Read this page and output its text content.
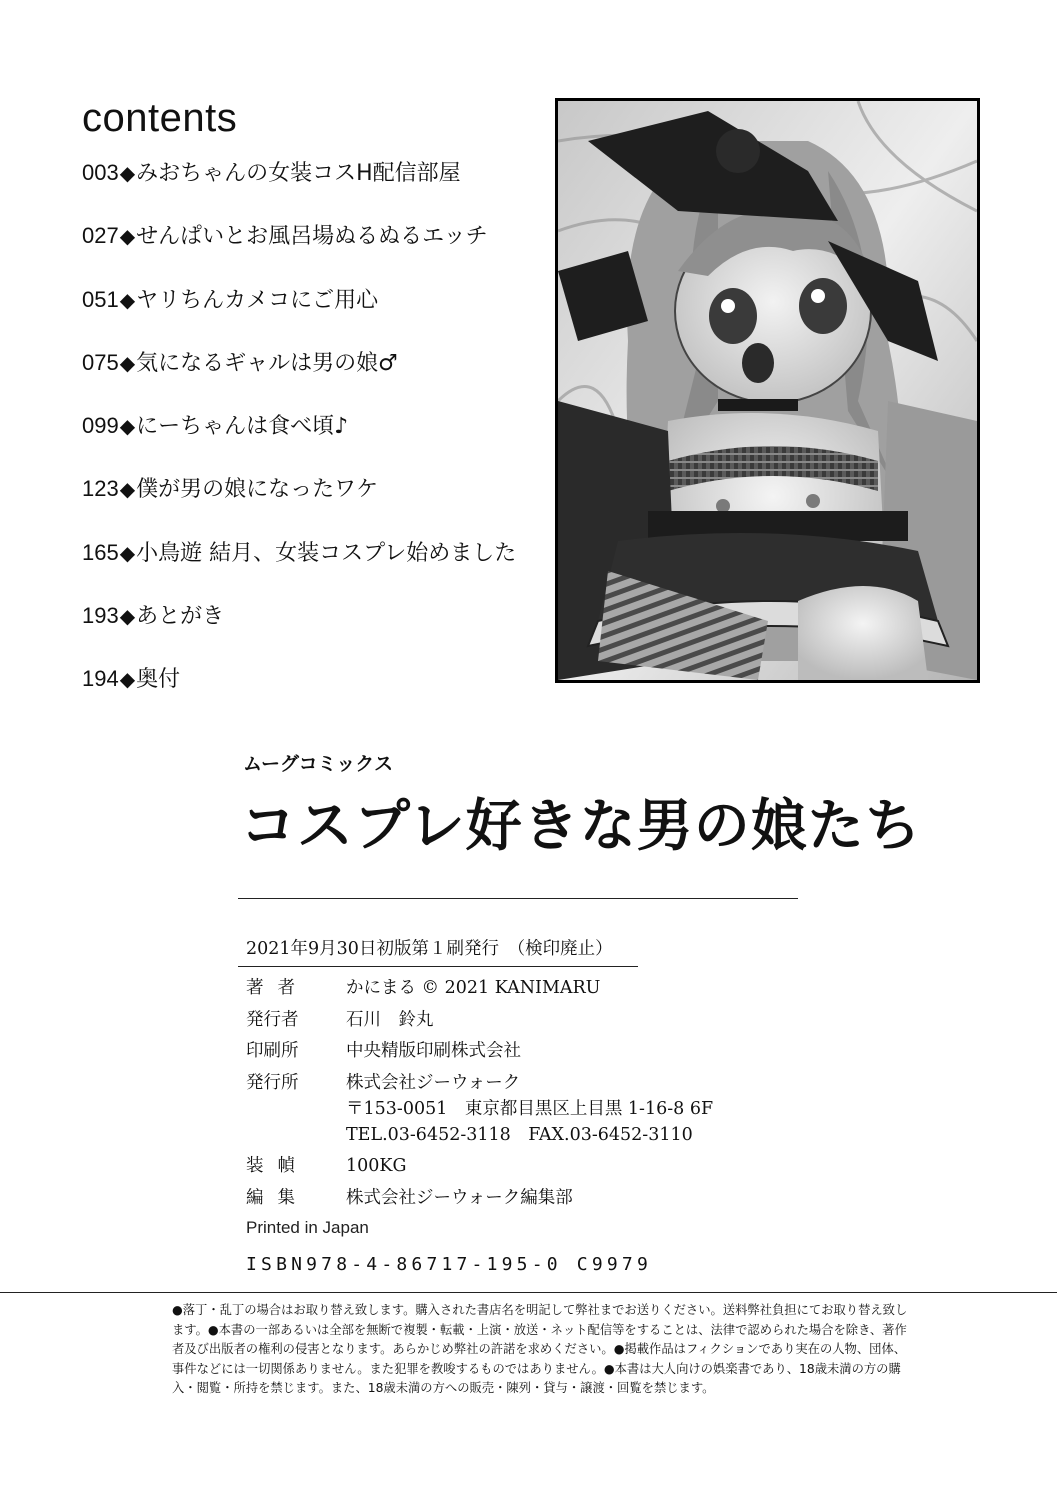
contents
003◆みおちゃんの女装コスH配信部屋
027◆せんぱいとお風呂場ぬるぬるエッチ
051◆ヤリちんカメコにご用心
075◆気になるギャルは男の娘♂
099◆にーちゃんは食べ頃♪
123◆僕が男の娘になったワケ
165◆小鳥遊 結月、女装コスプレ始めました
193◆あとがき
194◆奥付
ムーグコミックス
コスプレ好きな男の娘たち
2021年9月30日初版第１刷発行　（検印廃止）
著者	かにまる © 2021 KANIMARU
発行者	石川　鈴丸
印刷所	中央精版印刷株式会社
発行所	株式会社ジーウォーク
〒153-0051　東京都目黒区上目黒 1-16-8 6F
TEL.03-6452-3118　FAX.03-6452-3110
装幀	100KG
編集	株式会社ジーウォーク編集部
Printed in Japan
ISBN978-4-86717-195-0 C9979

●落丁・乱丁の場合はお取り替え致します。購入された書店名を明記して弊社までお送りください。送料弊社負担にてお取り替え致します。●本書の一部あるいは全部を無断で複製・転載・上演・放送・ネット配信等をすることは、法律で認められた場合を除き、著作者及び出版者の権利の侵害となります。あらかじめ弊社の許諾を求めください。●掲載作品はフィクションであり実在の人物、団体、事件などには一切関係ありません。また犯罪を教唆するものではありません。●本書は大人向けの娯楽書であり、18歳未満の方の購入・閲覧・所持を禁じます。また、18歳未満の方への販売・陳列・貸与・譲渡・回覧を禁じます。
